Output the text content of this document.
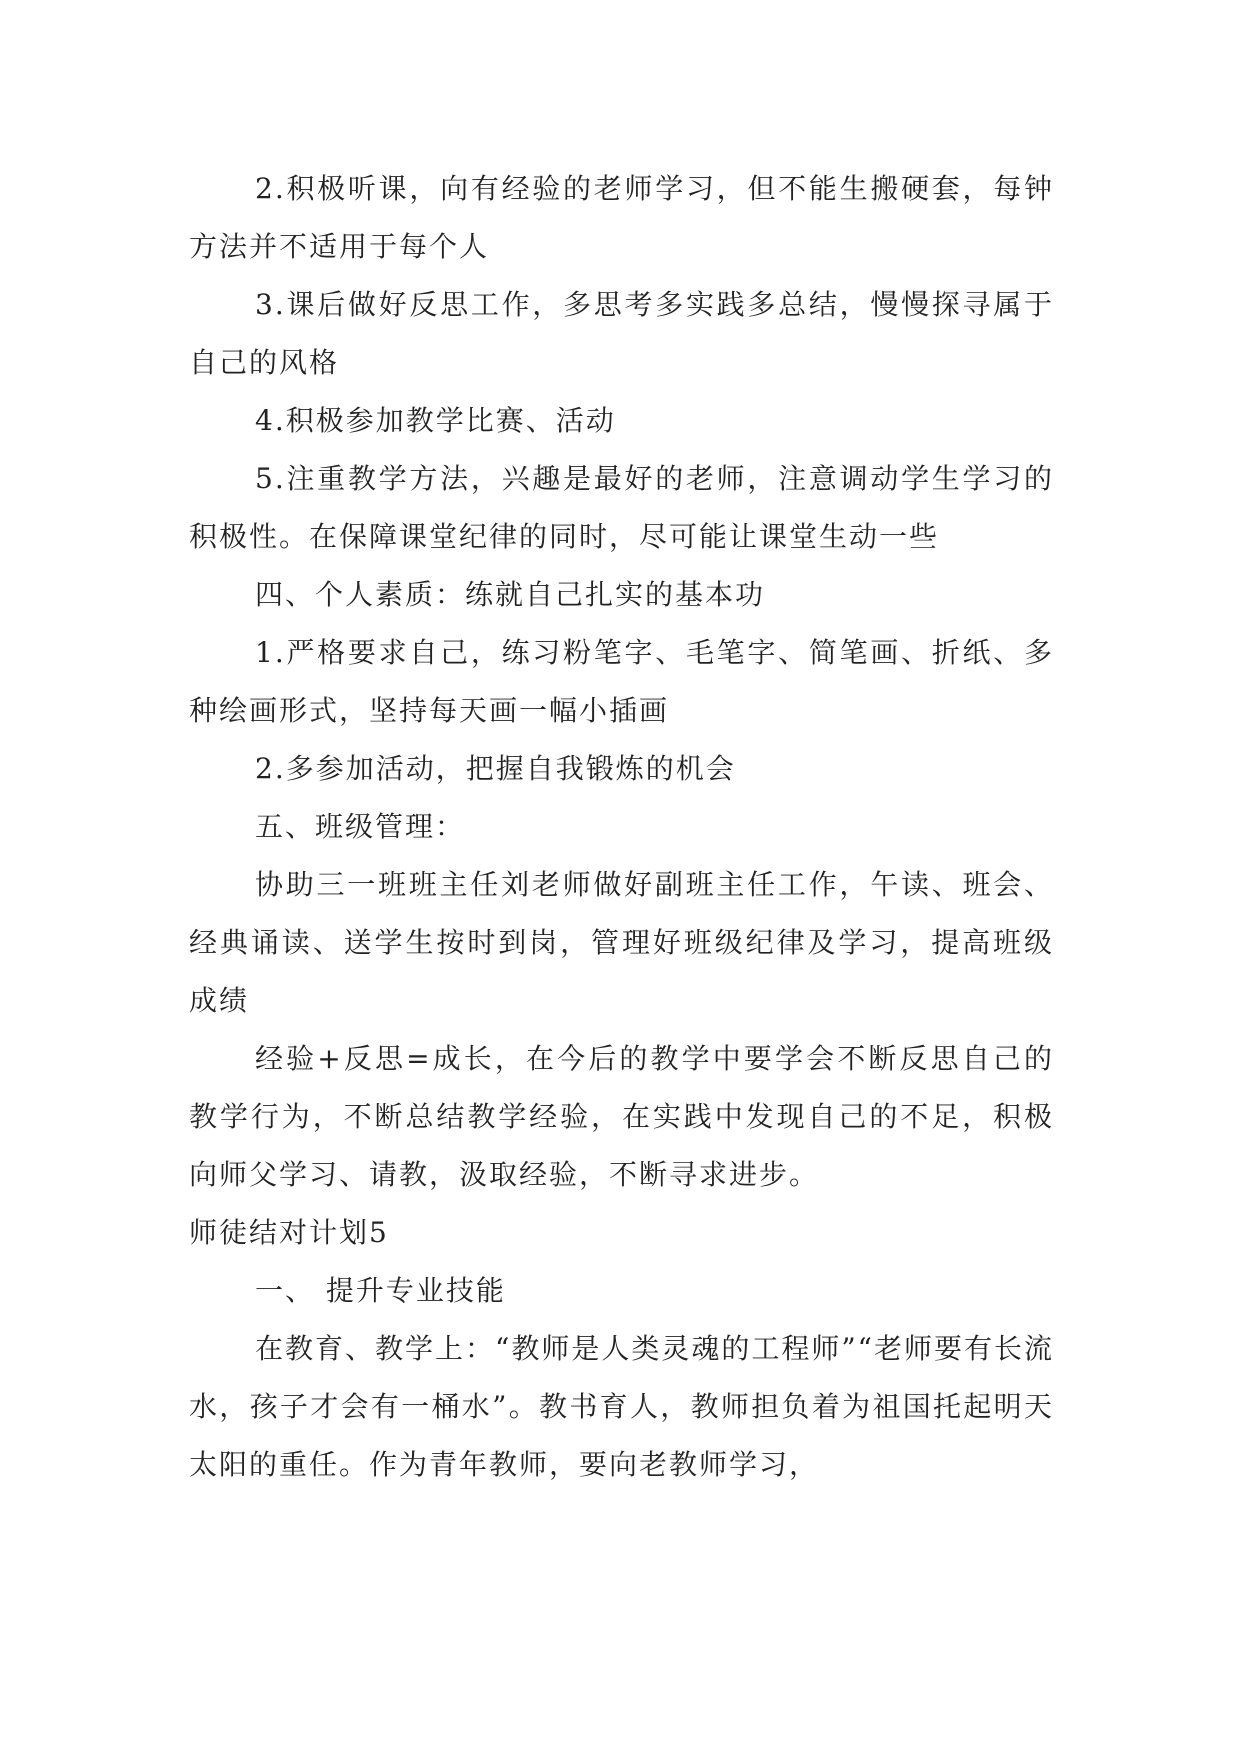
2.积极听课，向有经验的老师学习，但不能生搬硬套，每钟方法并不适用于每个人

3.课后做好反思工作，多思考多实践多总结，慢慢探寻属于自己的风格

4.积极参加教学比赛、活动

5.注重教学方法，兴趣是最好的老师，注意调动学生学习的积极性。在保障课堂纪律的同时，尽可能让课堂生动一些

四、个人素质：练就自己扎实的基本功

1.严格要求自己，练习粉笔字、毛笔字、简笔画、折纸、多种绘画形式，坚持每天画一幅小插画

2.多参加活动，把握自我锻炼的机会

五、班级管理：

协助三一班班主任刘老师做好副班主任工作，午读、班会、经典诵读、送学生按时到岗，管理好班级纪律及学习，提高班级成绩

经验+反思=成长，在今后的教学中要学会不断反思自己的教学行为，不断总结教学经验，在实践中发现自己的不足，积极向师父学习、请教，汲取经验，不断寻求进步。

师徒结对计划5

一、 提升专业技能

在教育、教学上：“教师是人类灵魂的工程师”“老师要有长流水，孩子才会有一桶水”。教书育人，教师担负着为祖国托起明天太阳的重任。作为青年教师，要向老教师学习，
